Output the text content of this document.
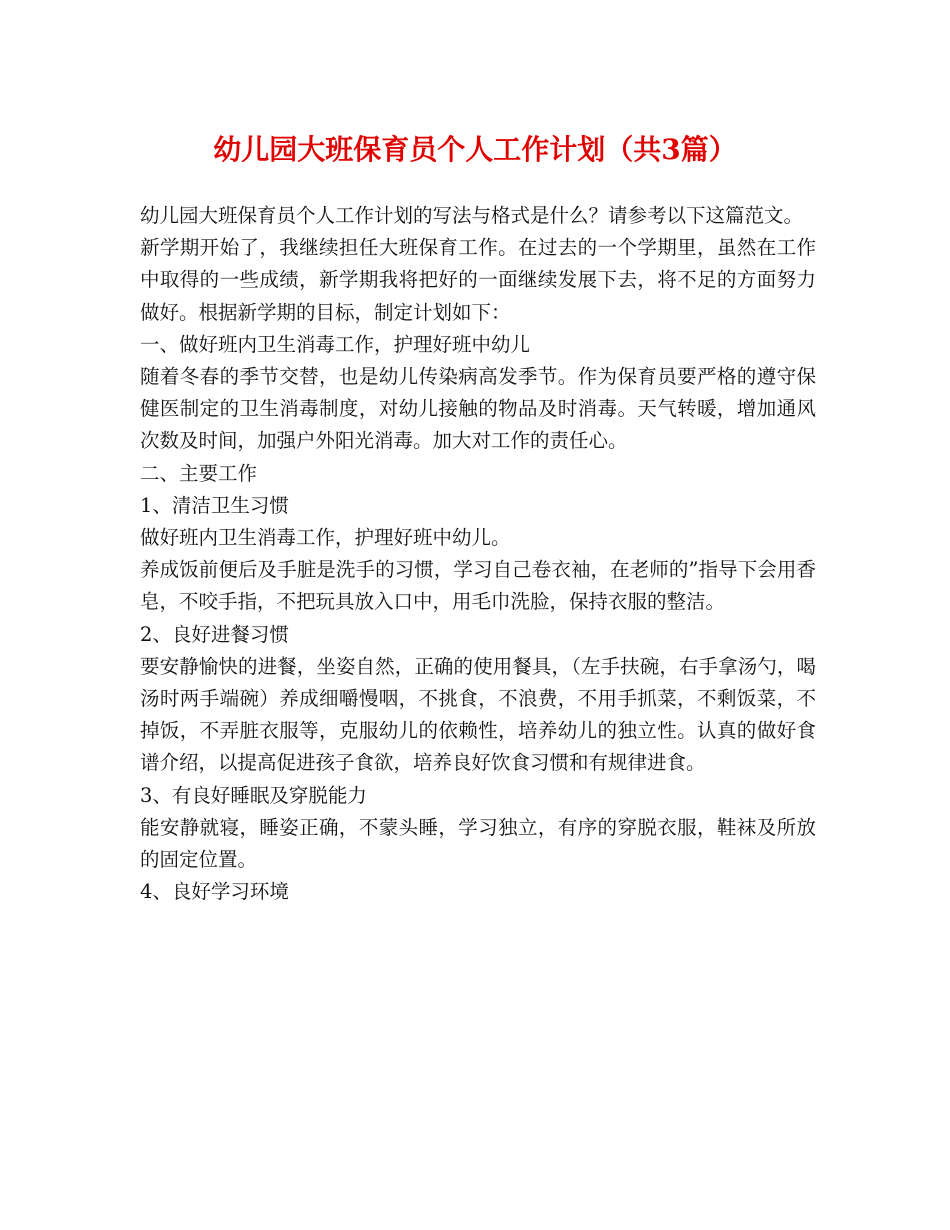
幼儿园大班保育员个人工作计划（共3篇）

幼儿园大班保育员个人工作计划的写法与格式是什么？请参考以下这篇范文。

新学期开始了，我继续担任大班保育工作。在过去的一个学期里，虽然在工作中取得的一些成绩，新学期我将把好的一面继续发展下去，将不足的方面努力做好。根据新学期的目标，制定计划如下：

一、做好班内卫生消毒工作，护理好班中幼儿

随着冬春的季节交替，也是幼儿传染病高发季节。作为保育员要严格的遵守保健医制定的卫生消毒制度，对幼儿接触的物品及时消毒。天气转暖，增加通风次数及时间，加强户外阳光消毒。加大对工作的责任心。

二、主要工作

1、清洁卫生习惯

做好班内卫生消毒工作，护理好班中幼儿。

养成饭前便后及手脏是洗手的习惯，学习自己卷衣袖，在老师的”指导下会用香皂，不咬手指，不把玩具放入口中，用毛巾洗脸，保持衣服的整洁。

2、良好进餐习惯

要安静愉快的进餐，坐姿自然，正确的使用餐具，（左手扶碗，右手拿汤勺，喝汤时两手端碗）养成细嚼慢咽，不挑食，不浪费，不用手抓菜，不剩饭菜，不掉饭，不弄脏衣服等，克服幼儿的依赖性，培养幼儿的独立性。认真的做好食谱介绍，以提高促进孩子食欲，培养良好饮食习惯和有规律进食。

3、有良好睡眠及穿脱能力

能安静就寝，睡姿正确，不蒙头睡，学习独立，有序的穿脱衣服，鞋袜及所放的固定位置。

4、良好学习环境
